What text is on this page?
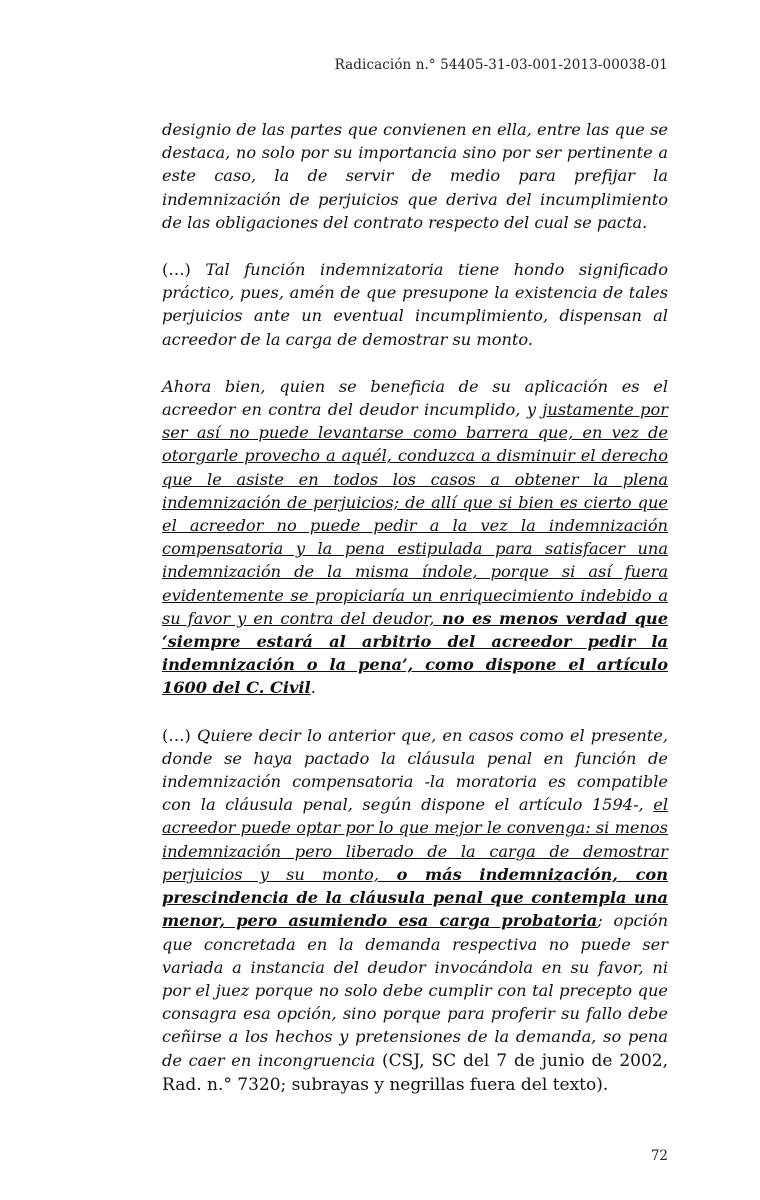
Radicación n.° 54405-31-03-001-2013-00038-01

designio de las partes que convienen en ella, entre las que se destaca, no solo por su importancia sino por ser pertinente a este caso, la de servir de medio para prefijar la indemnización de perjuicios que deriva del incumplimiento de las obligaciones del contrato respecto del cual se pacta.

(…) Tal función indemnizatoria tiene hondo significado práctico, pues, amén de que presupone la existencia de tales perjuicios ante un eventual incumplimiento, dispensan al acreedor de la carga de demostrar su monto.

Ahora bien, quien se beneficia de su aplicación es el acreedor en contra del deudor incumplido, y justamente por ser así no puede levantarse como barrera que, en vez de otorgarle provecho a aquél, conduzca a disminuir el derecho que le asiste en todos los casos a obtener la plena indemnización de perjuicios; de allí que si bien es cierto que el acreedor no puede pedir a la vez la indemnización compensatoria y la pena estipulada para satisfacer una indemnización de la misma índole, porque si así fuera evidentemente se propiciaría un enriquecimiento indebido a su favor y en contra del deudor, no es menos verdad que ‘siempre estará al arbitrio del acreedor pedir la indemnización o la pena’, como dispone el artículo 1600 del C. Civil.

(…) Quiere decir lo anterior que, en casos como el presente, donde se haya pactado la cláusula penal en función de indemnización compensatoria -la moratoria es compatible con la cláusula penal, según dispone el artículo 1594-, el acreedor puede optar por lo que mejor le convenga: si menos indemnización pero liberado de la carga de demostrar perjuicios y su monto, o más indemnización, con prescindencia de la cláusula penal que contempla una menor, pero asumiendo esa carga probatoria; opción que concretada en la demanda respectiva no puede ser variada a instancia del deudor invocándola en su favor, ni por el juez porque no solo debe cumplir con tal precepto que consagra esa opción, sino porque para proferir su fallo debe ceñirse a los hechos y pretensiones de la demanda, so pena de caer en incongruencia (CSJ, SC del 7 de junio de 2002, Rad. n.° 7320; subrayas y negrillas fuera del texto).

72
